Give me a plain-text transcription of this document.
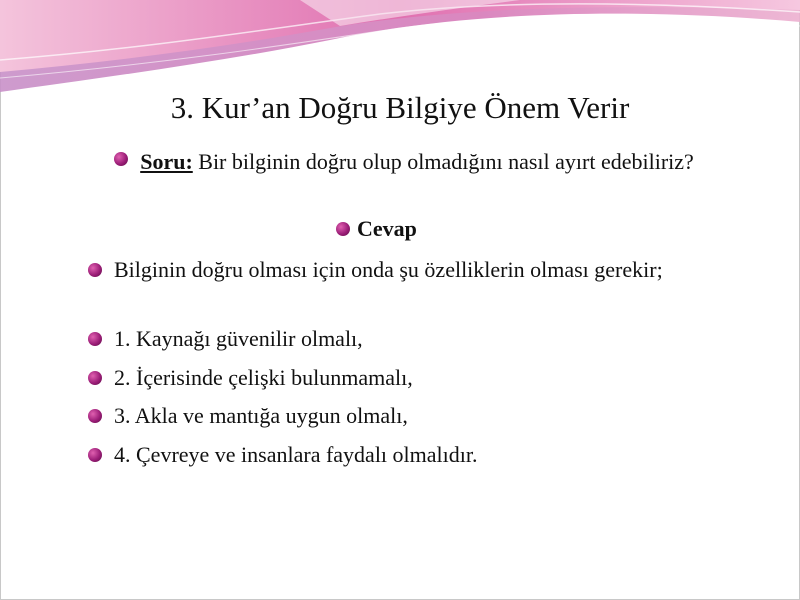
3. Kur’an Doğru Bilgiye Önem Verir
Soru: Bir bilginin doğru olup olmadığını nasıl ayırt edebiliriz?
Cevap
Bilginin doğru olması için onda şu özelliklerin olması gerekir;
1. Kaynağı güvenilir olmalı,
2. İçerisinde çelişki bulunmamalı,
3. Akla ve mantığa uygun olmalı,
4. Çevreye ve insanlara faydalı olmalıdır.
